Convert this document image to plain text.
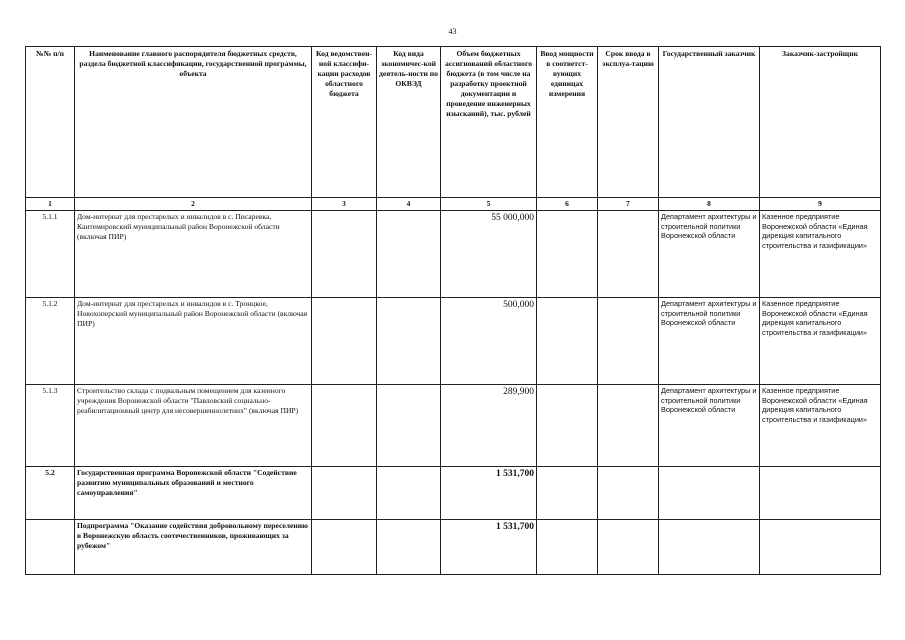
43
№№ п/п	Наименование главного распорядителя бюджетных средств, раздела бюджетной классификации, государственной программы, объекта	Код ведомствен-ной классифи-кации расходов областного бюджета	Код вида экономичес-кой деятель-ности по ОКВЭД	Объем бюджетных ассигнований областного бюджета (в том числе на разработку проектной документации и проведение инженерных изысканий), тыс. рублей	Ввод мощности в соответст-вующих единицах измерения	Срок ввода в эксплуа-тацию	Государственный заказчик	Заказчик-застройщик
1	2	3	4	5	6	7	8	9
5.1.1	Дом-интернат для престарелых и инвалидов в с. Писаревка, Кантемировский муниципальный район Воронежской области (включая ПИР)			55 000,000			Департамент архитектуры и строительной политики Воронежской области	Казенное предприятие Воронежской области «Единая дирекция капитального строительства и газификации»
5.1.2	Дом-интернат для престарелых и инвалидов в с. Троицкое, Новохоперский муниципальный район Воронежской области (включая ПИР)			500,000			Департамент архитектуры и строительной политики Воронежской области	Казенное предприятие Воронежской области «Единая дирекция капитального строительства и газификации»
5.1.3	Строительство склада с подвальным помещением для казенного учреждения Воронежской области "Павловский социально-реабилитационный центр для несовершеннолетних" (включая ПИР)			289,900			Департамент архитектуры и строительной политики Воронежской области	Казенное предприятие Воронежской области «Единая дирекция капитального строительства и газификации»
5.2	Государственная программа Воронежской области "Содействие развитию муниципальных образований и местного самоуправления"			1 531,700				
	Подпрограмма "Оказание содействия добровольному переселению в Воронежскую область соотечественников, проживающих за рубежом"			1 531,700				
